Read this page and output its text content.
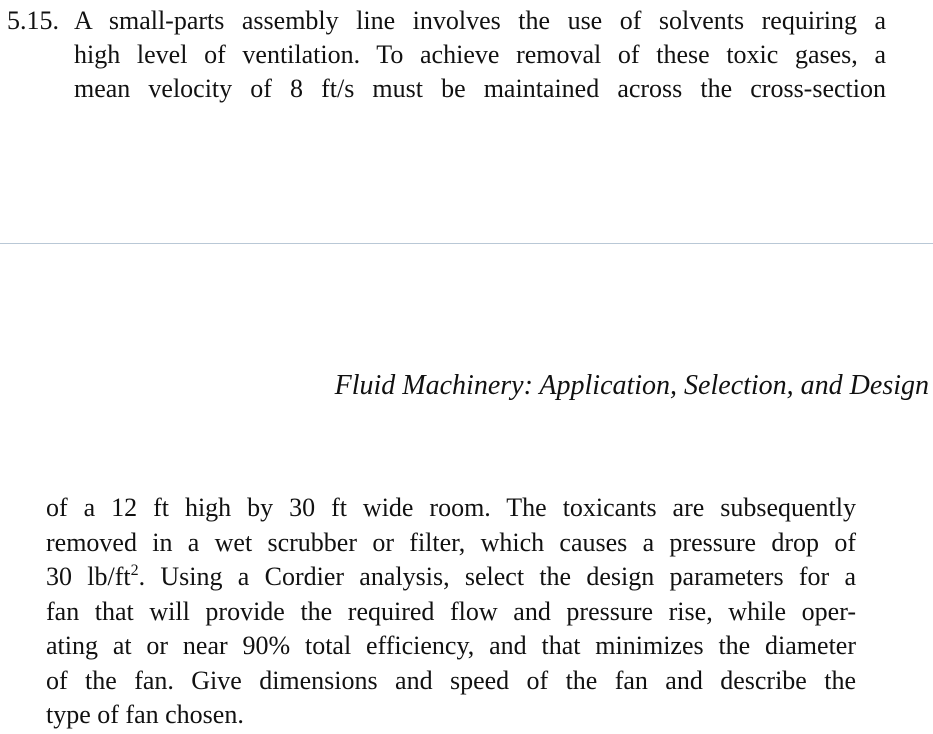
5.15. A small-parts assembly line involves the use of solvents requiring a
high level of ventilation. To achieve removal of these toxic gases, a
mean velocity of 8 ft/s must be maintained across the cross-section
Fluid Machinery: Application, Selection, and Design
of a 12 ft high by 30 ft wide room. The toxicants are subsequently
removed in a wet scrubber or filter, which causes a pressure drop of
30 $lb/ft^2$. Using a Cordier analysis, select the design parameters for a
fan that will provide the required flow and pressure rise, while oper-
ating at or near 90% total efficiency, and that minimizes the diameter
of the fan. Give dimensions and speed of the fan and describe the
type of fan chosen.
